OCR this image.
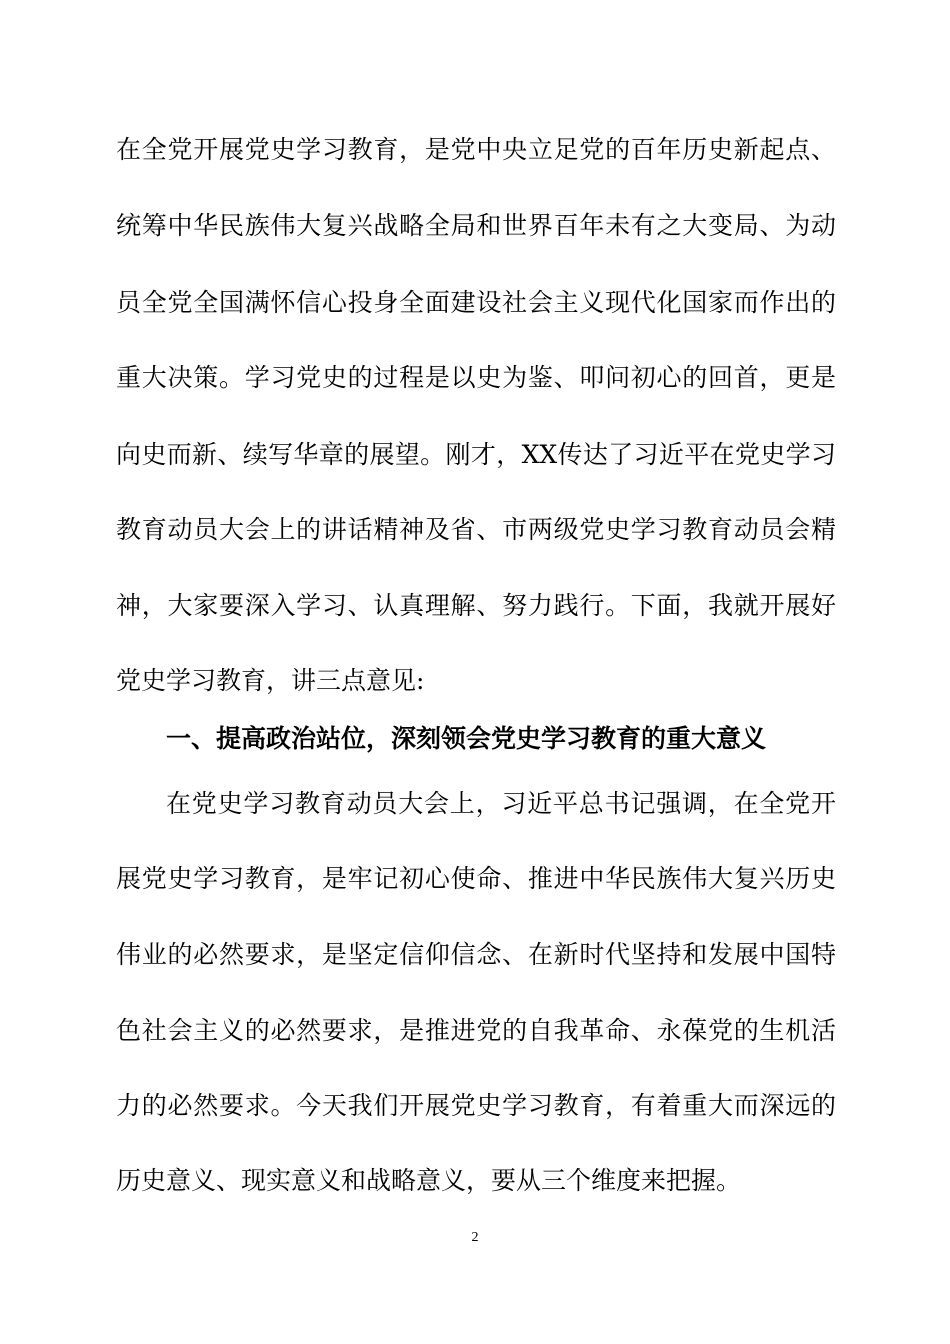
在全党开展党史学习教育，是党中央立足党的百年历史新起点、
统筹中华民族伟大复兴战略全局和世界百年未有之大变局、为动
员全党全国满怀信心投身全面建设社会主义现代化国家而作出的
重大决策。学习党史的过程是以史为鉴、叩问初心的回首，更是
向史而新、续写华章的展望。刚才，XX传达了习近平在党史学习
教育动员大会上的讲话精神及省、市两级党史学习教育动员会精
神，大家要深入学习、认真理解、努力践行。下面，我就开展好
党史学习教育，讲三点意见:
一、提高政治站位，深刻领会党史学习教育的重大意义
在党史学习教育动员大会上，习近平总书记强调，在全党开
展党史学习教育，是牢记初心使命、推进中华民族伟大复兴历史
伟业的必然要求，是坚定信仰信念、在新时代坚持和发展中国特
色社会主义的必然要求，是推进党的自我革命、永葆党的生机活
力的必然要求。今天我们开展党史学习教育，有着重大而深远的
历史意义、现实意义和战略意义，要从三个维度来把握。
2
